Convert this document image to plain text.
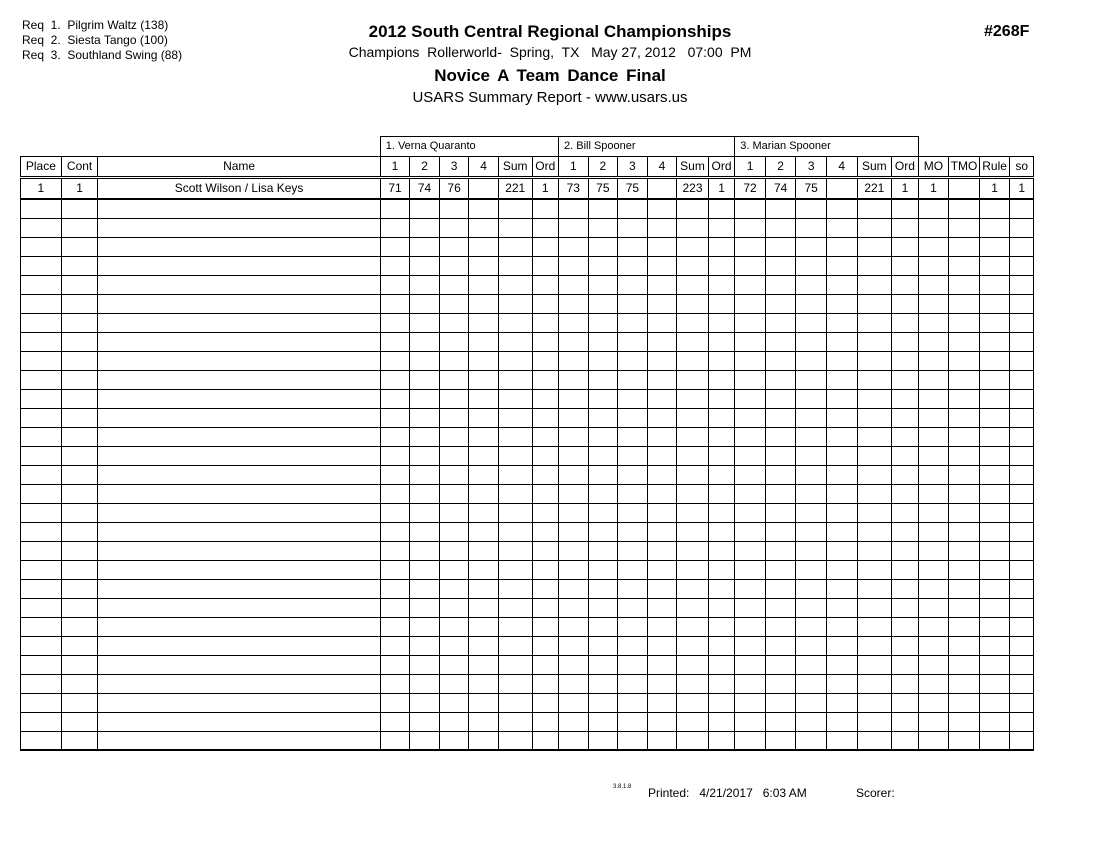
Req  1.  Pilgrim Waltz (138)
Req  2.  Siesta Tango (100)
Req  3.  Southland Swing (88)
#268F
2012 South Central Regional Championships
Champions  Rollerworld-  Spring,  TX   May 27, 2012   07:00  PM
Novice A Team Dance Final
USARS Summary Report - www.usars.us
			1. Verna Quaranto						2. Bill Spooner						3. Marian Spooner									
Place	Cont	Name	1	2	3	4	Sum	Ord	1	2	3	4	Sum	Ord	1	2	3	4	Sum	Ord	MO	TMO	Rule	so
1	1	Scott Wilson / Lisa Keys	71	74	76		221	1	73	75	75		223	1	72	74	75		221	1	1		1	1

3.8.1.8 Printed:   4/21/2017   6:03 AM	Scorer:
